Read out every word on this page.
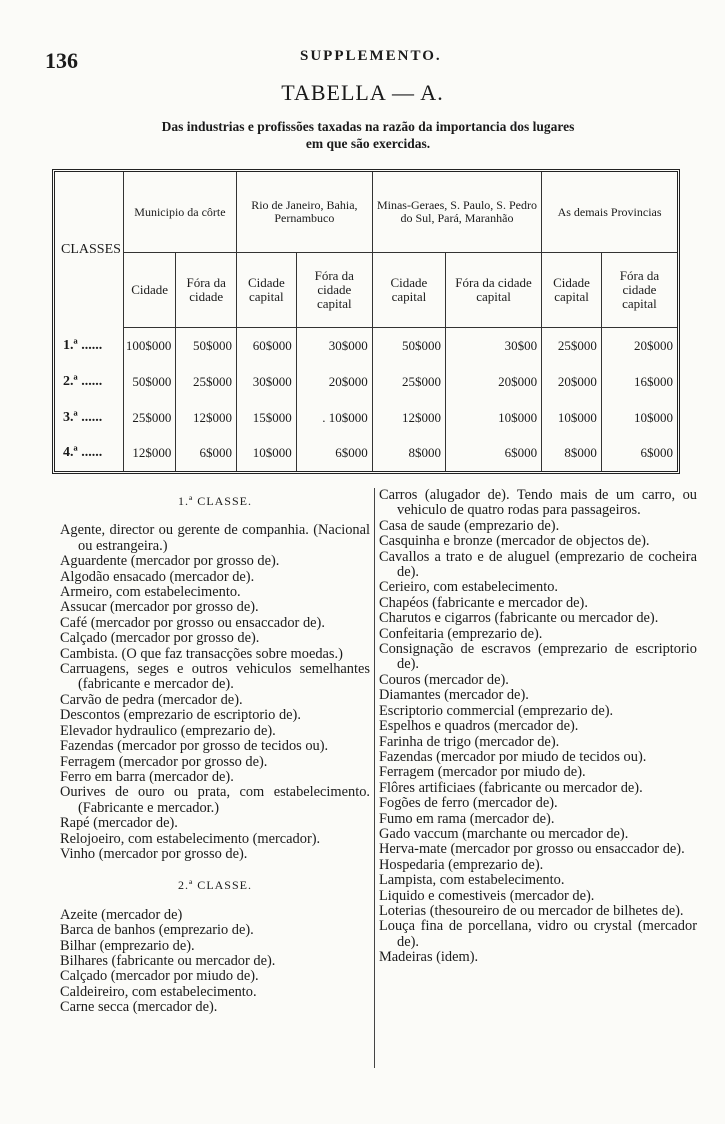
136	SUPPLEMENTO.
TABELLA — A.
Das industrias e profissões taxadas na razão da importancia dos lugares
em que são exercidas.
CLASSES	Municipio da côrte		Rio de Janeiro, Bahia, Pernambuco		Minas-Geraes, S. Paulo, S. Pedro do Sul, Pará, Maranhão		As demais Provincias	
	Cidade	Fóra da cidade	Cidade capital	Fóra da cidade capital	Cidade capital	Fóra da cidade capital	Cidade capital	Fóra da cidade capital
1.ª ......	100$000	50$000	60$000	30$000	50$000	30$00	25$000	20$000
2.ª ......	50$000	25$000	30$000	20$000	25$000	20$000	20$000	16$000
3.ª ......	25$000	12$000	15$000	. 10$000	12$000	10$000	10$000	10$000
4.ª ......	12$000	6$000	10$000	6$000	8$000	6$000	8$000	6$000
1.ª CLASSE.
Agente, director ou gerente de companhia. (Nacional ou estrangeira.)
Aguardente (mercador por grosso de).
Algodão ensacado (mercador de).
Armeiro, com estabelecimento.
Assucar (mercador por grosso de).
Café (mercador por grosso ou ensaccador de).
Calçado (mercador por grosso de).
Cambista. (O que faz transacções sobre moedas.)
Carruagens, seges e outros vehiculos semelhantes (fabricante e mercador de).
Carvão de pedra (mercador de).
Descontos (emprezario de escriptorio de).
Elevador hydraulico (emprezario de).
Fazendas (mercador por grosso de tecidos ou).
Ferragem (mercador por grosso de).
Ferro em barra (mercador de).
Ourives de ouro ou prata, com estabelecimento. (Fabricante e mercador.)
Rapé (mercador de).
Relojoeiro, com estabelecimento (mercador).
Vinho (mercador por grosso de).
2.ª CLASSE.
Azeite (mercador de)
Barca de banhos (emprezario de).
Bilhar (emprezario de).
Bilhares (fabricante ou mercador de).
Calçado (mercador por miudo de).
Caldeireiro, com estabelecimento.
Carne secca (mercador de).
Carros (alugador de). Tendo mais de um carro, ou vehiculo de quatro rodas para passageiros.
Casa de saude (emprezario de).
Casquinha e bronze (mercador de objectos de).
Cavallos a trato e de aluguel (emprezario de cocheira de).
Cerieiro, com estabelecimento.
Chapéos (fabricante e mercador de).
Charutos e cigarros (fabricante ou mercador de).
Confeitaria (emprezario de).
Consignação de escravos (emprezario de escriptorio de).
Couros (mercador de).
Diamantes (mercador de).
Escriptorio commercial (emprezario de).
Espelhos e quadros (mercador de).
Farinha de trigo (mercador de).
Fazendas (mercador por miudo de tecidos ou).
Ferragem (mercador por miudo de).
Flôres artificiaes (fabricante ou mercador de).
Fogões de ferro (mercador de).
Fumo em rama (mercador de).
Gado vaccum (marchante ou mercador de).
Herva-mate (mercador por grosso ou ensaccador de).
Hospedaria (emprezario de).
Lampista, com estabelecimento.
Liquido e comestiveis (mercador de).
Loterias (thesoureiro de ou mercador de bilhetes de).
Louça fina de porcellana, vidro ou crystal (mercador de).
Madeiras (idem).
